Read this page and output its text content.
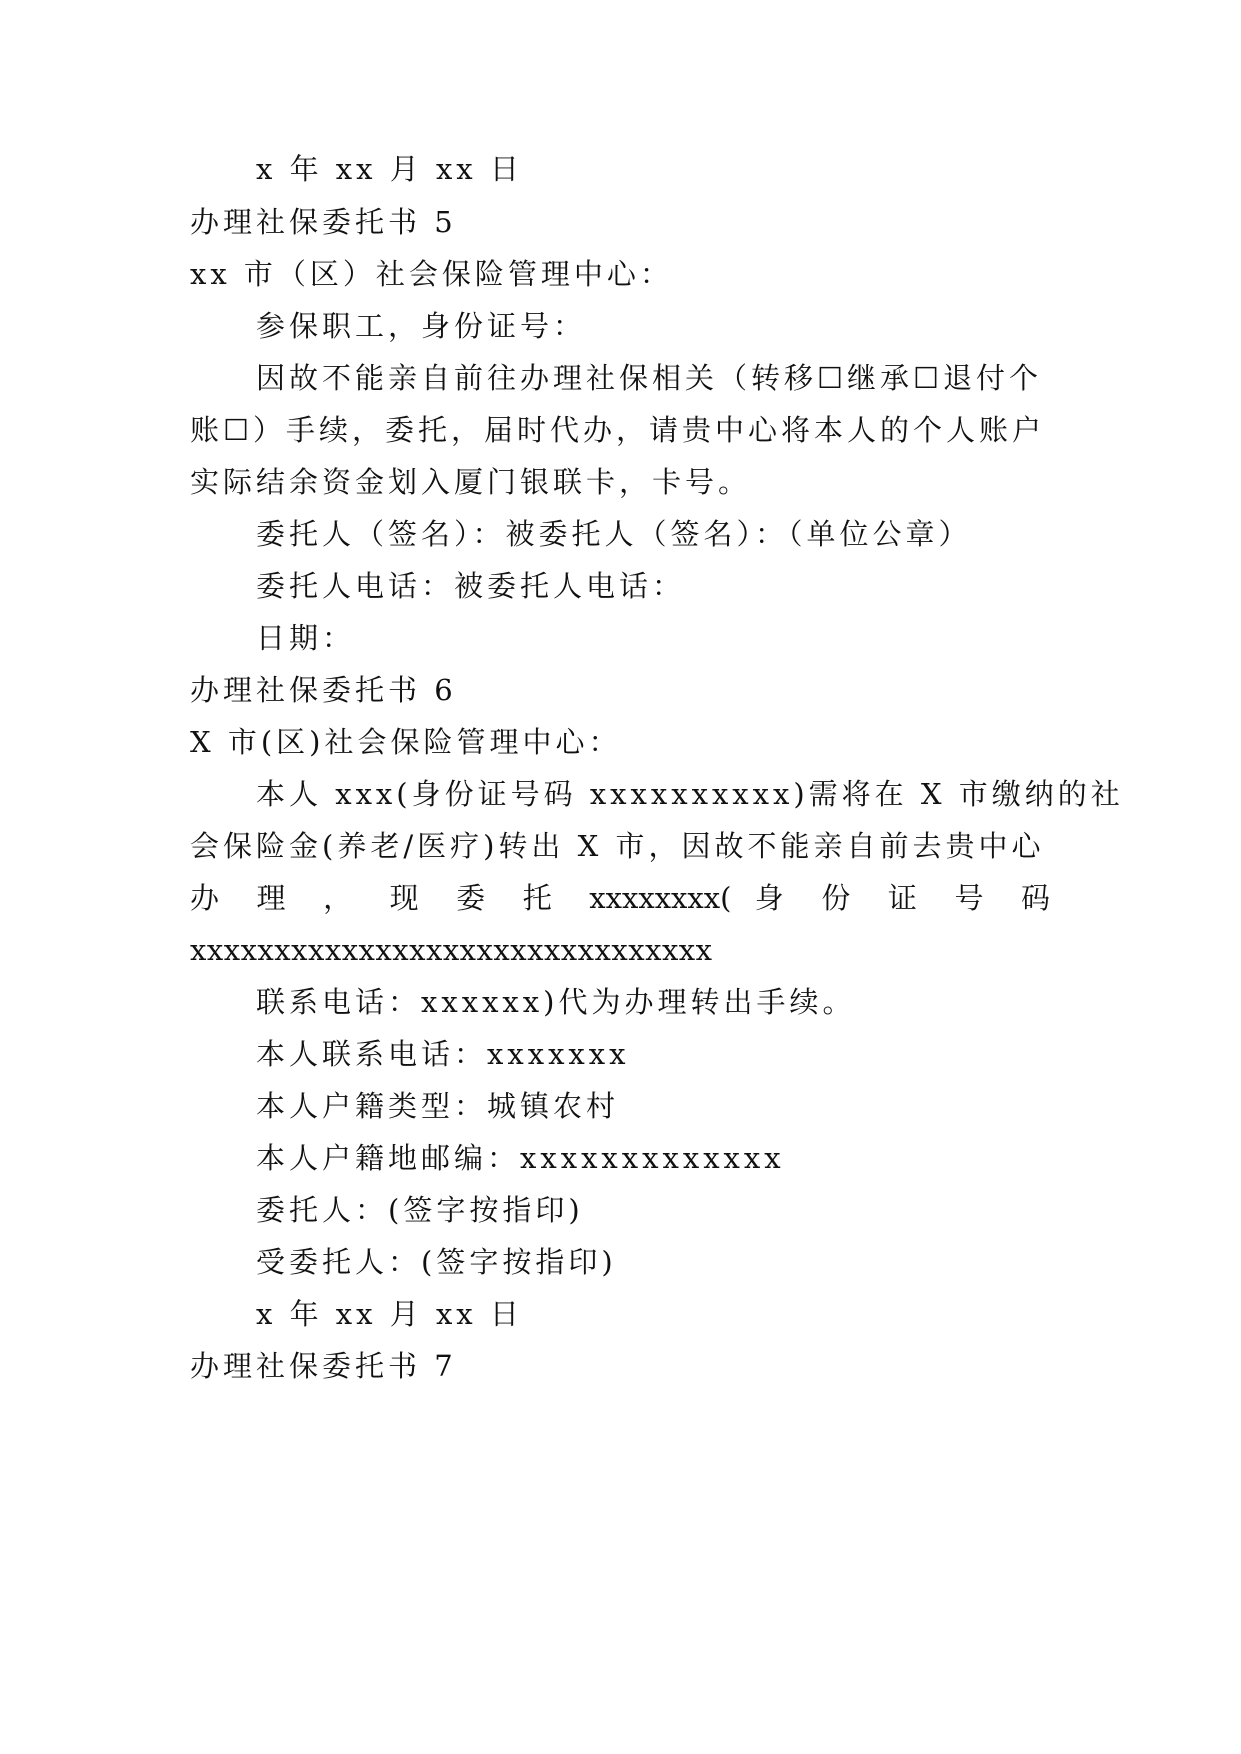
x 年 xx 月 xx 日
办理社保委托书 5
xx 市（区）社会保险管理中心：
参保职工，身份证号：
因故不能亲自前往办理社保相关（转移☐继承☐退付个
账☐）手续，委托，届时代办，请贵中心将本人的个人账户
实际结余资金划入厦门银联卡，卡号。
委托人（签名）：被委托人（签名）：（单位公章）
委托人电话：被委托人电话：
日期：
办理社保委托书 6
X 市(区)社会保险管理中心：
本人 xxx(身份证号码 xxxxxxxxxx)需将在 X 市缴纳的社
会保险金(养老/医疗)转出 X 市，因故不能亲自前去贵中心
办 理 ， 现 委 托 xxxxxxxx( 身 份 证 号 码
xxxxxxxxxxxxxxxxxxxxxxxxxxxxxxx
联系电话：xxxxxx)代为办理转出手续。
本人联系电话：xxxxxxx
本人户籍类型：城镇农村
本人户籍地邮编：xxxxxxxxxxxxx
委托人：(签字按指印)
受委托人：(签字按指印)
x 年 xx 月 xx 日
办理社保委托书 7
